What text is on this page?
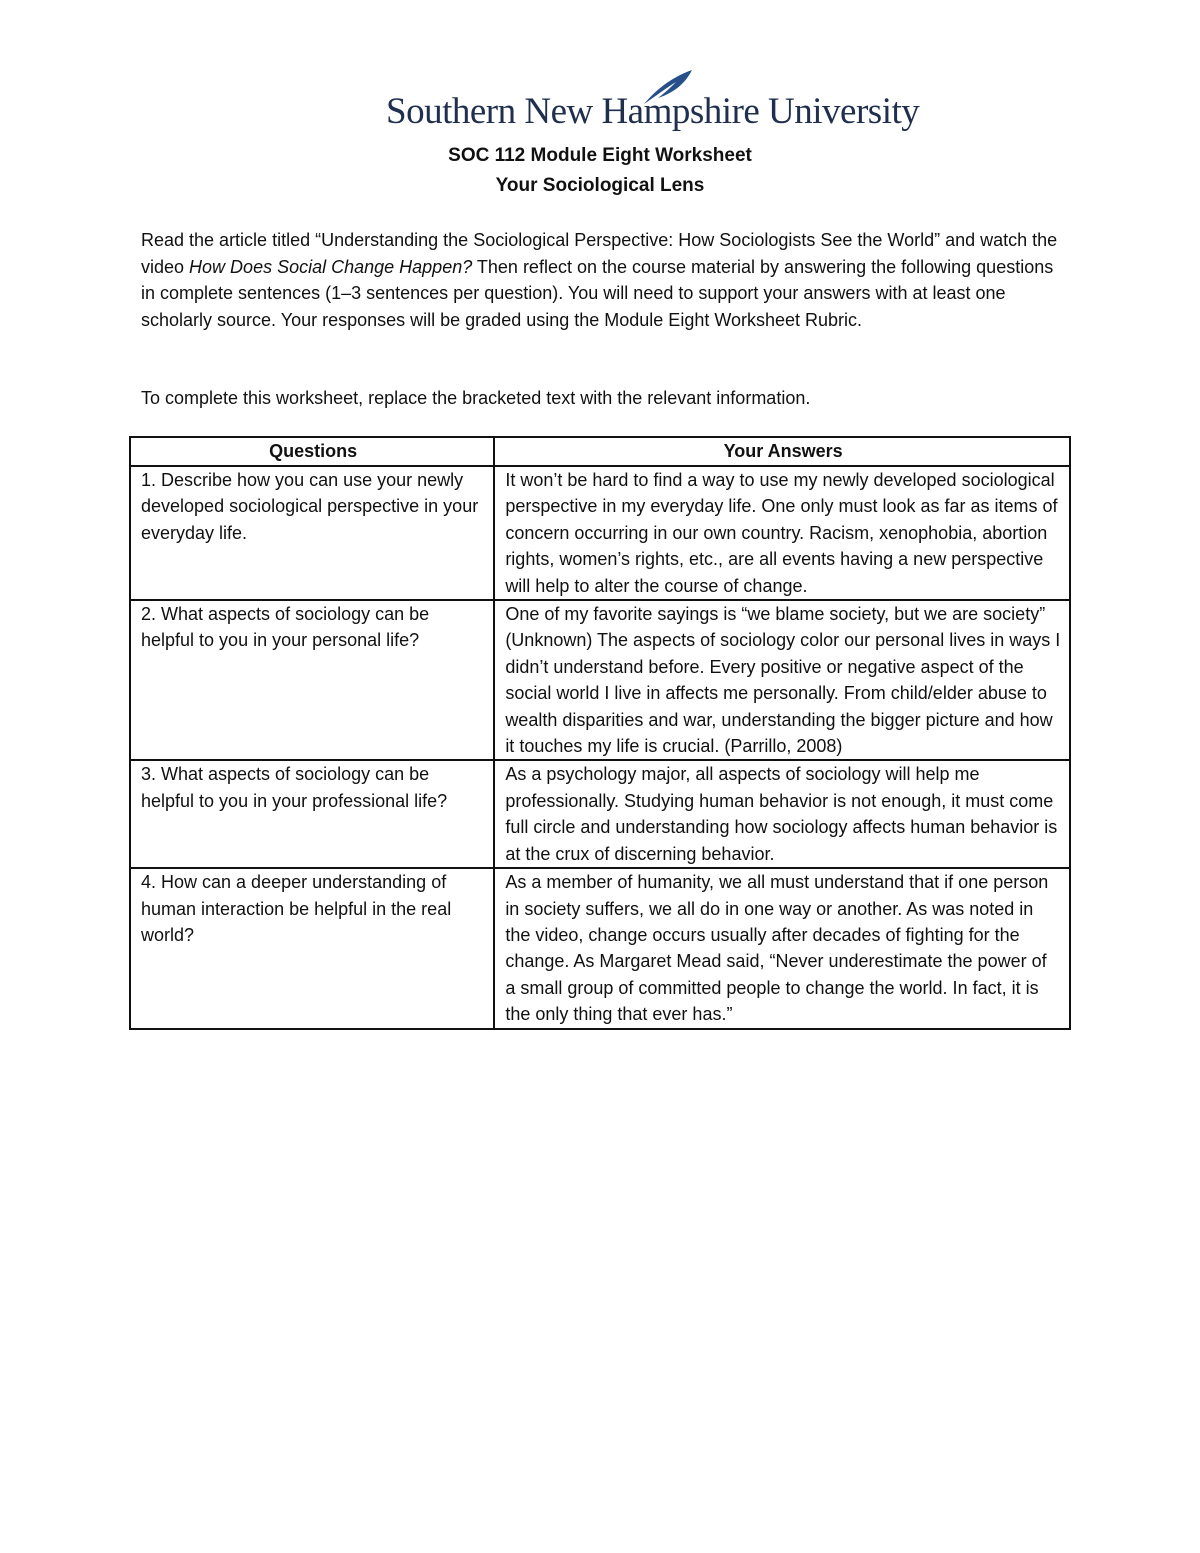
Southern New Hampshire University
SOC 112 Module Eight Worksheet
Your Sociological Lens
Read the article titled “Understanding the Sociological Perspective: How Sociologists See the World” and watch the video How Does Social Change Happen? Then reflect on the course material by answering the following questions in complete sentences (1–3 sentences per question). You will need to support your answers with at least one scholarly source. Your responses will be graded using the Module Eight Worksheet Rubric.
To complete this worksheet, replace the bracketed text with the relevant information.
Questions	Your Answers
1. Describe how you can use your newly developed sociological perspective in your everyday life.	It won’t be hard to find a way to use my newly developed sociological perspective in my everyday life. One only must look as far as items of concern occurring in our own country. Racism, xenophobia, abortion rights, women’s rights, etc., are all events having a new perspective will help to alter the course of change.
2. What aspects of sociology can be helpful to you in your personal life?	One of my favorite sayings is “we blame society, but we are society” (Unknown) The aspects of sociology color our personal lives in ways I didn’t understand before. Every positive or negative aspect of the social world I live in affects me personally. From child/elder abuse to wealth disparities and war, understanding the bigger picture and how it touches my life is crucial. (Parrillo, 2008)
3. What aspects of sociology can be helpful to you in your professional life?	As a psychology major, all aspects of sociology will help me professionally. Studying human behavior is not enough, it must come full circle and understanding how sociology affects human behavior is at the crux of discerning behavior.
4. How can a deeper understanding of human interaction be helpful in the real world?	As a member of humanity, we all must understand that if one person in society suffers, we all do in one way or another. As was noted in the video, change occurs usually after decades of fighting for the change. As Margaret Mead said, “Never underestimate the power of a small group of committed people to change the world. In fact, it is the only thing that ever has.”
